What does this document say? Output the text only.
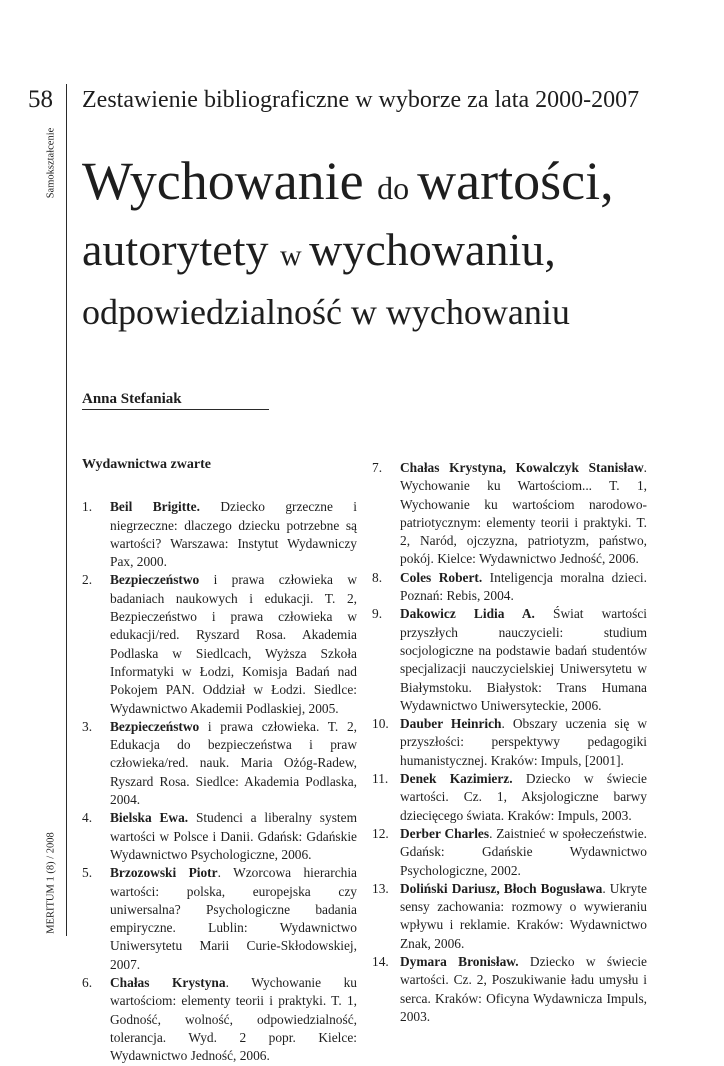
58
Samokształcenie
MERITUM 1 (8) / 2008
Zestawienie bibliograficzne w wyborze za lata 2000-2007
Wychowanie do wartości,
autorytety w wychowaniu,
odpowiedzialność w wychowaniu
Anna Stefaniak
Wydawnictwa zwarte
1.	Beil Brigitte. Dziecko grzeczne i niegrzeczne: dlaczego dziecku potrzebne są wartości? Warszawa: Instytut Wydawniczy Pax, 2000.
2.	Bezpieczeństwo i prawa człowieka w badaniach naukowych i edukacji. T. 2, Bezpieczeństwo i prawa człowieka w edukacji/red. Ryszard Rosa. Akademia Podlaska w Siedlcach, Wyższa Szkoła Informatyki w Łodzi, Komisja Badań nad Pokojem PAN. Oddział w Łodzi. Siedlce: Wydawnictwo Akademii Podlaskiej, 2005.
3.	Bezpieczeństwo i prawa człowieka. T. 2, Edukacja do bezpieczeństwa i praw człowieka/red. nauk. Maria Ożóg-Radew, Ryszard Rosa. Siedlce: Akademia Podlaska, 2004.
4.	Bielska Ewa. Studenci a liberalny system wartości w Polsce i Danii. Gdańsk: Gdańskie Wydawnictwo Psychologiczne, 2006.
5.	Brzozowski Piotr. Wzorcowa hierarchia wartości: polska, europejska czy uniwersalna? Psychologiczne badania empiryczne. Lublin: Wydawnictwo Uniwersytetu Marii Curie-Skłodowskiej, 2007.
6.	Chałas Krystyna. Wychowanie ku wartościom: elementy teorii i praktyki. T. 1, Godność, wolność, odpowiedzialność, tolerancja. Wyd. 2 popr. Kielce: Wydawnictwo Jedność, 2006.
7.	Chałas Krystyna, Kowalczyk Stanisław. Wychowanie ku Wartościom... T. 1, Wychowanie ku wartościom narodowo-patriotycznym: elementy teorii i praktyki. T. 2, Naród, ojczyzna, patriotyzm, państwo, pokój. Kielce: Wydawnictwo Jedność, 2006.
8.	Coles Robert. Inteligencja moralna dzieci. Poznań: Rebis, 2004.
9.	Dakowicz Lidia A. Świat wartości przyszłych nauczycieli: studium socjologiczne na podstawie badań studentów specjalizacji nauczycielskiej Uniwersytetu w Białymstoku. Białystok: Trans Humana Wydawnictwo Uniwersyteckie, 2006.
10. Dauber Heinrich. Obszary uczenia się w przyszłości: perspektywy pedagogiki humanistycznej. Kraków: Impuls, [2001].
11. Denek Kazimierz. Dziecko w świecie wartości. Cz. 1, Aksjologiczne barwy dziecięcego świata. Kraków: Impuls, 2003.
12. Derber Charles. Zaistnieć w społeczeństwie. Gdańsk: Gdańskie Wydawnictwo Psychologiczne, 2002.
13. Doliński Dariusz, Błoch Bogusława. Ukryte sensy zachowania: rozmowy o wywieraniu wpływu i reklamie. Kraków: Wydawnictwo Znak, 2006.
14. Dymara Bronisław. Dziecko w świecie wartości. Cz. 2, Poszukiwanie ładu umysłu i serca. Kraków: Oficyna Wydawnicza Impuls, 2003.
